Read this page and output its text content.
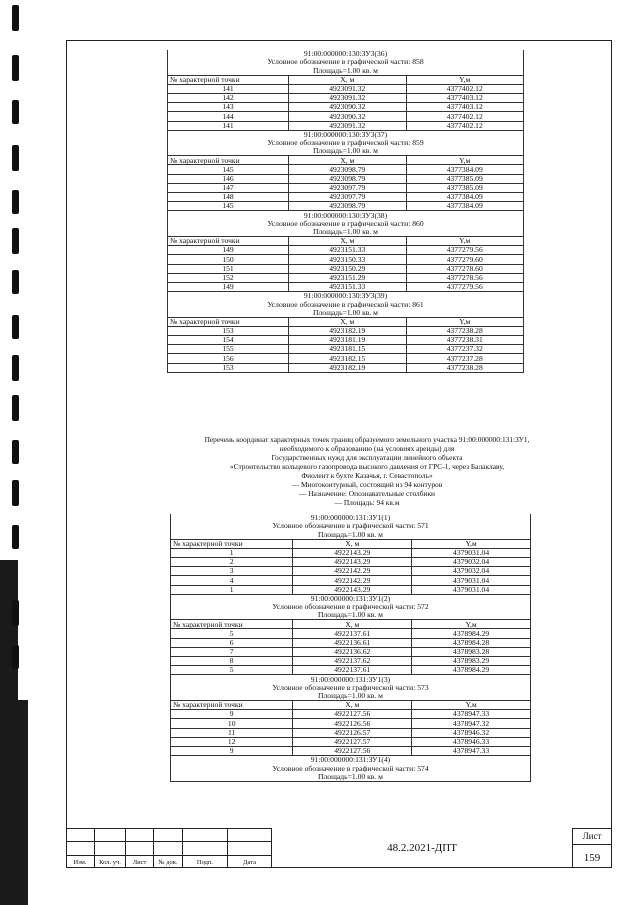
91:00:000000:130:ЗУ3(36)		
Условное обозначение в графической части: 858		
Площадь=1.00 кв. м		
№ характерной точки	X, м	Y,м
141	4923091.32	4377402.12
142	4923091.32	4377403.12
143	4923090.32	4377403.12
144	4923090.32	4377402.12
141	4923091.32	4377402.12
91:00:000000:130:ЗУ3(37)		
Условное обозначение в графической части: 859		
Площадь=1.00 кв. м		
№ характерной точки	X, м	Y,м
145	4923098.79	4377384.09
146	4923098.79	4377385.09
147	4923097.79	4377385.09
148	4923097.79	4377384.09
145	4923098.79	4377384.09
91:00:000000:130:ЗУ3(38)		
Условное обозначение в графической части: 860		
Площадь=1.00 кв. м		
№ характерной точки	X, м	Y,м
149	4923151.33	4377279.56
150	4923150.33	4377279.60
151	4923150.29	4377278.60
152	4923151.29	4377278.56
149	4923151.33	4377279.56
91:00:000000:130:ЗУ3(39)		
Условное обозначение в графической части: 861		
Площадь=1.00 кв. м		
№ характерной точки	X, м	Y,м
153	4923182.19	4377238.28
154	4923181.19	4377238.31
155	4923181.15	4377237.32
156	4923182.15	4377237.28
153	4923182.19	4377238.28
Перечень координат характерных точек границ образуемого земельного участка 91:00:000000:131:ЗУ1,
необходимого к образованию (на условиях аренды) для
Государственных нужд для эксплуатации линейного объекта
«Строительство кольцевого газопровода высокого давления от ГРС-1, через Балаклаву,
Фиолент к бухте Казачья, г. Севастополь»
— Многоконтурный, состоящий из 94 контуров
— Назначение: Опознавательные столбики
— Площадь: 94 кв.м
91:00:000000:131:ЗУ1(1)		
Условное обозначение в графической части: 571		
Площадь=1.00 кв. м		
№ характерной точки	X, м	Y,м
1	4922143.29	4379031.04
2	4922143.29	4379032.04
3	4922142.29	4379032.04
4	4922142.29	4379031.04
1	4922143.29	4379031.04
91:00:000000:131:ЗУ1(2)		
Условное обозначение в графической части: 572		
Площадь=1.00 кв. м		
№ характерной точки	X, м	Y,м
5	4922137.61	4378984.29
6	4922136.61	4378984.28
7	4922136.62	4378983.28
8	4922137.62	4378983.29
5	4922137.61	4378984.29
91:00:000000:131:ЗУ1(3)		
Условное обозначение в графической части: 573		
Площадь=1.00 кв. м		
№ характерной точки	X, м	Y,м
9	4922127.56	4378947.33
10	4922126.56	4378947.32
11	4922126.57	4378946.32
12	4922127.57	4378946.33
9	4922127.56	4378947.33
91:00:000000:131:ЗУ1(4)		
Условное обозначение в графической части: 574		
Площадь=1.00 кв. м		
Изм.	Кол. уч.	Лист	№ док.	Подп.	Дата
48.2.2021-ДПТ
Лист
159
